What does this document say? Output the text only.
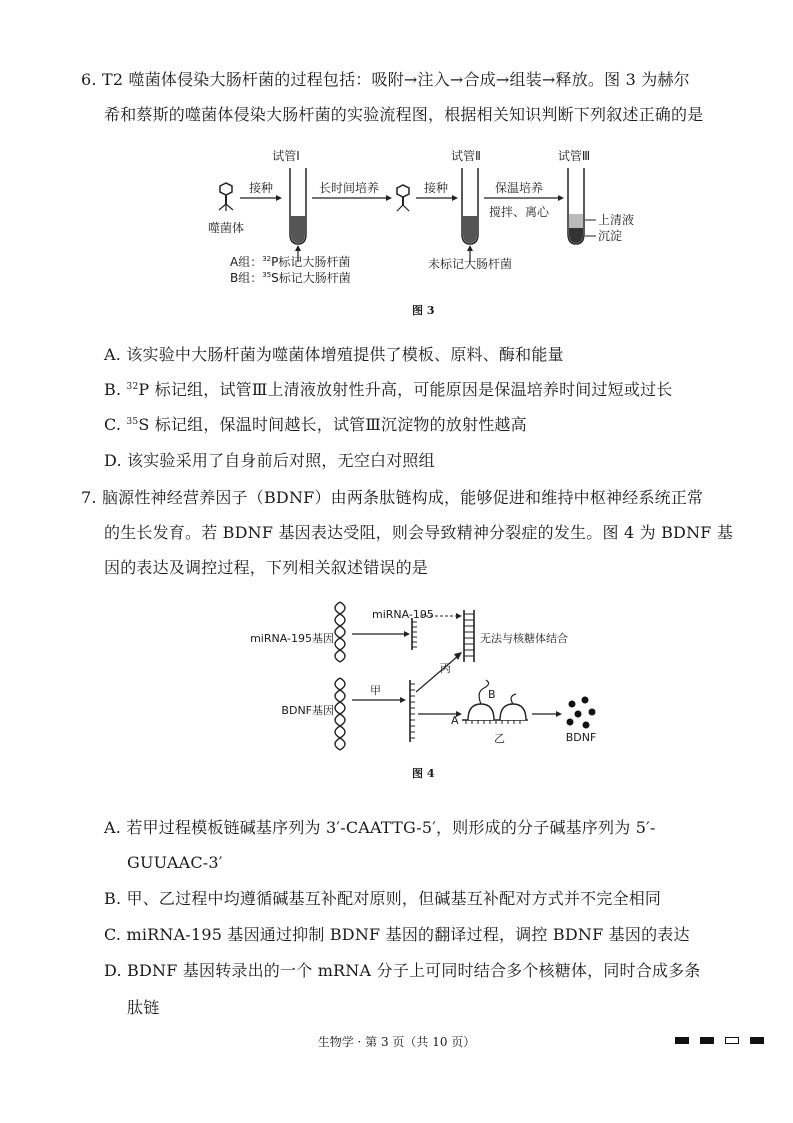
6. T2 噬菌体侵染大肠杆菌的过程包括：吸附→注入→合成→组装→释放。图 3 为赫尔
希和蔡斯的噬菌体侵染大肠杆菌的实验流程图，根据相关知识判断下列叙述正确的是
试管Ⅰ	试管Ⅱ	试管Ⅲ
噬菌体
接种	长时间培养	接种	保温培养
搅拌、离心
上清液
沉淀
A组：$^{32}$P标记大肠杆菌
B组：$^{35}$S标记大肠杆菌
未标记大肠杆菌
图 3
A. 该实验中大肠杆菌为噬菌体增殖提供了模板、原料、酶和能量
B. $^{32}$P 标记组，试管Ⅲ上清液放射性升高，可能原因是保温培养时间过短或过长
C. $^{35}$S 标记组，保温时间越长，试管Ⅲ沉淀物的放射性越高
D. 该实验采用了自身前后对照，无空白对照组
7. 脑源性神经营养因子（BDNF）由两条肽链构成，能够促进和维持中枢神经系统正常
的生长发育。若 BDNF 基因表达受阻，则会导致精神分裂症的发生。图 4 为 BDNF 基
因的表达及调控过程，下列相关叙述错误的是
miRNA-195基因
miRNA-195
无法与核糖体结合
丙
BDNF基因
甲
A
B
乙	BDNF
图 4
A. 若甲过程模板链碱基序列为 3′-CAATTG-5′，则形成的分子碱基序列为 5′-
GUUAAC-3′
B. 甲、乙过程中均遵循碱基互补配对原则，但碱基互补配对方式并不完全相同
C. miRNA-195 基因通过抑制 BDNF 基因的翻译过程，调控 BDNF 基因的表达
D. BDNF 基因转录出的一个 mRNA 分子上可同时结合多个核糖体，同时合成多条
肽链
生物学 · 第 3 页（共 10 页）
